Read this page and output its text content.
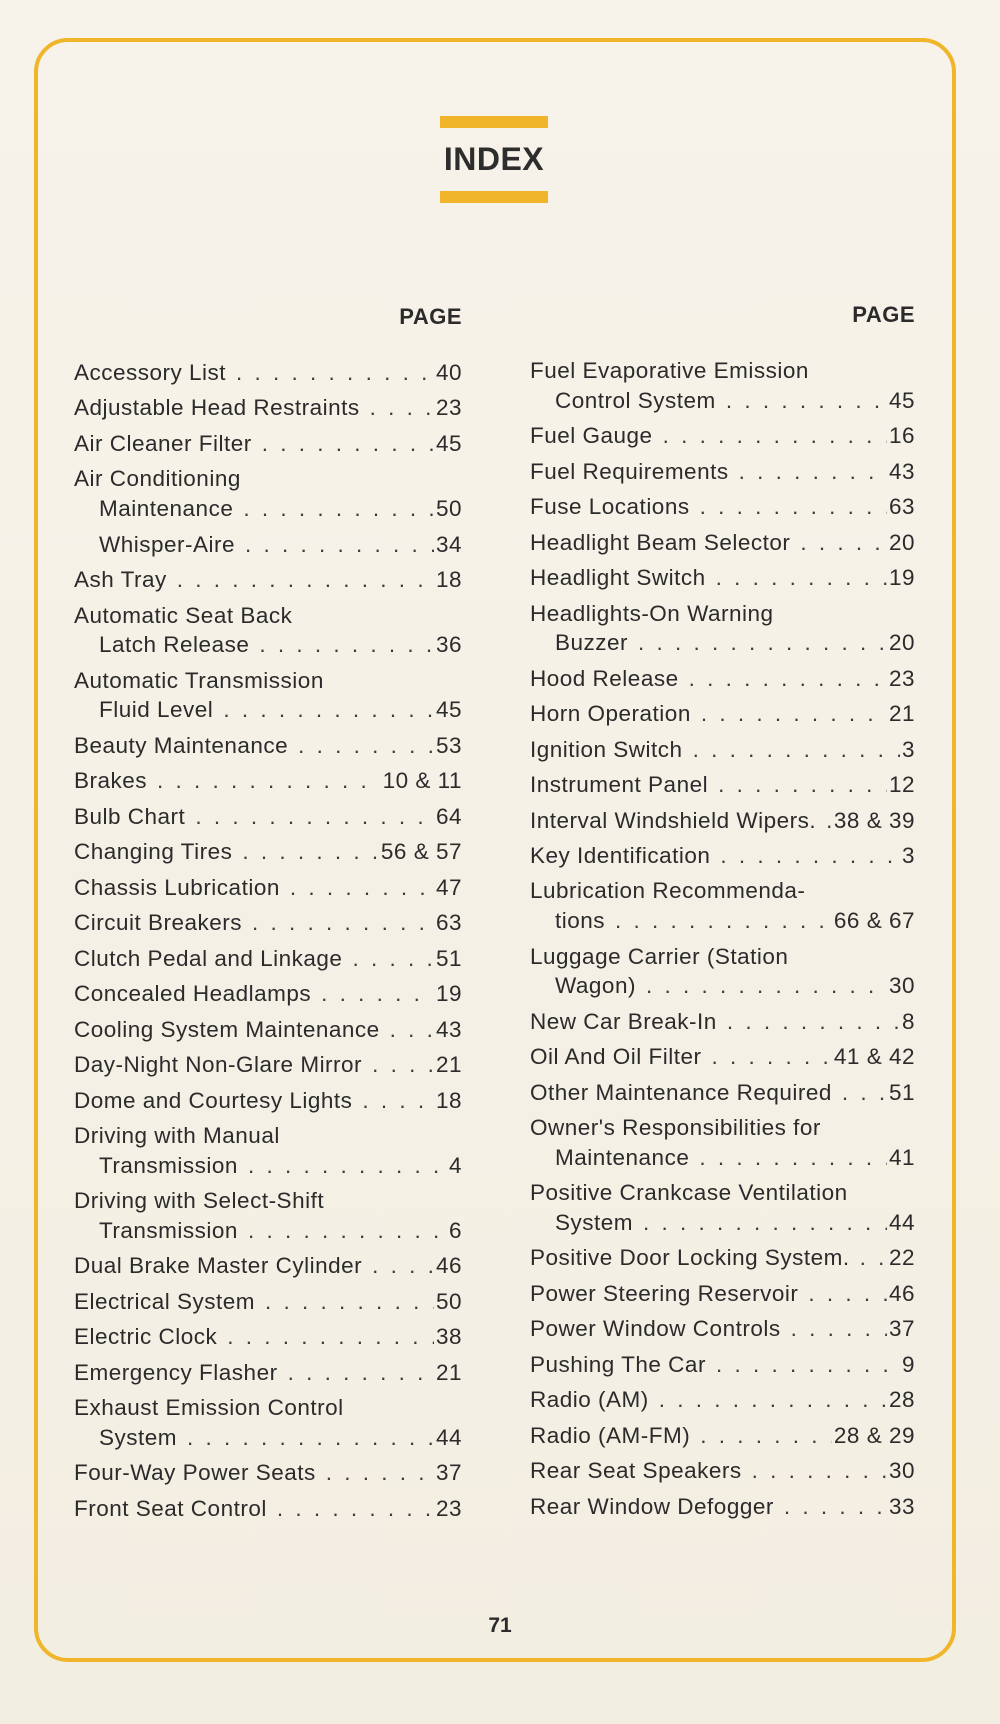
INDEX
PAGE
Accessory List . . .	40
Adjustable Head Restraints . . .	23
Air Cleaner Filter . . .	45
Air Conditioning
Maintenance . . .	50
Whisper-Aire . . .	34
Ash Tray . . .	18
Automatic Seat Back
Latch Release . . .	36
Automatic Transmission
Fluid Level . . .	45
Beauty Maintenance . . .	53
Brakes . . .	10 & 11
Bulb Chart . . .	64
Changing Tires . . .	56 & 57
Chassis Lubrication . . .	47
Circuit Breakers . . .	63
Clutch Pedal and Linkage . . .	51
Concealed Headlamps . . .	19
Cooling System Maintenance . . .	43
Day-Night Non-Glare Mirror . . .	21
Dome and Courtesy Lights . . .	18
Driving with Manual
Transmission . . .	4
Driving with Select-Shift
Transmission . . .	6
Dual Brake Master Cylinder . . .	46
Electrical System . . .	50
Electric Clock . . .	38
Emergency Flasher . . .	21
Exhaust Emission Control
System . . .	44
Four-Way Power Seats . . .	37
Front Seat Control . . .	23
PAGE
Fuel Evaporative Emission
Control System . . .	45
Fuel Gauge . . .	16
Fuel Requirements . . .	43
Fuse Locations . . .	63
Headlight Beam Selector . . .	20
Headlight Switch . . .	19
Headlights-On Warning
Buzzer . . .	20
Hood Release . . .	23
Horn Operation . . .	21
Ignition Switch . . .	3
Instrument Panel . . .	12
Interval Windshield Wipers. . . . 38 & 39
Key Identification . . .	3
Lubrication Recommenda-
tions . . .	66 & 67
Luggage Carrier (Station
Wagon) . . .	30
New Car Break-In . . .	8
Oil And Oil Filter . . .	41 & 42
Other Maintenance Required . . .	51
Owner's Responsibilities for
Maintenance . . .	41
Positive Crankcase Ventilation
System . . .	44
Positive Door Locking System. . . . 22
Power Steering Reservoir . . .	46
Power Window Controls . . .	37
Pushing The Car . . .	9
Radio (AM) . . .	28
Radio (AM-FM) . . .	28 & 29
Rear Seat Speakers . . .	30
Rear Window Defogger . . .	33
71
